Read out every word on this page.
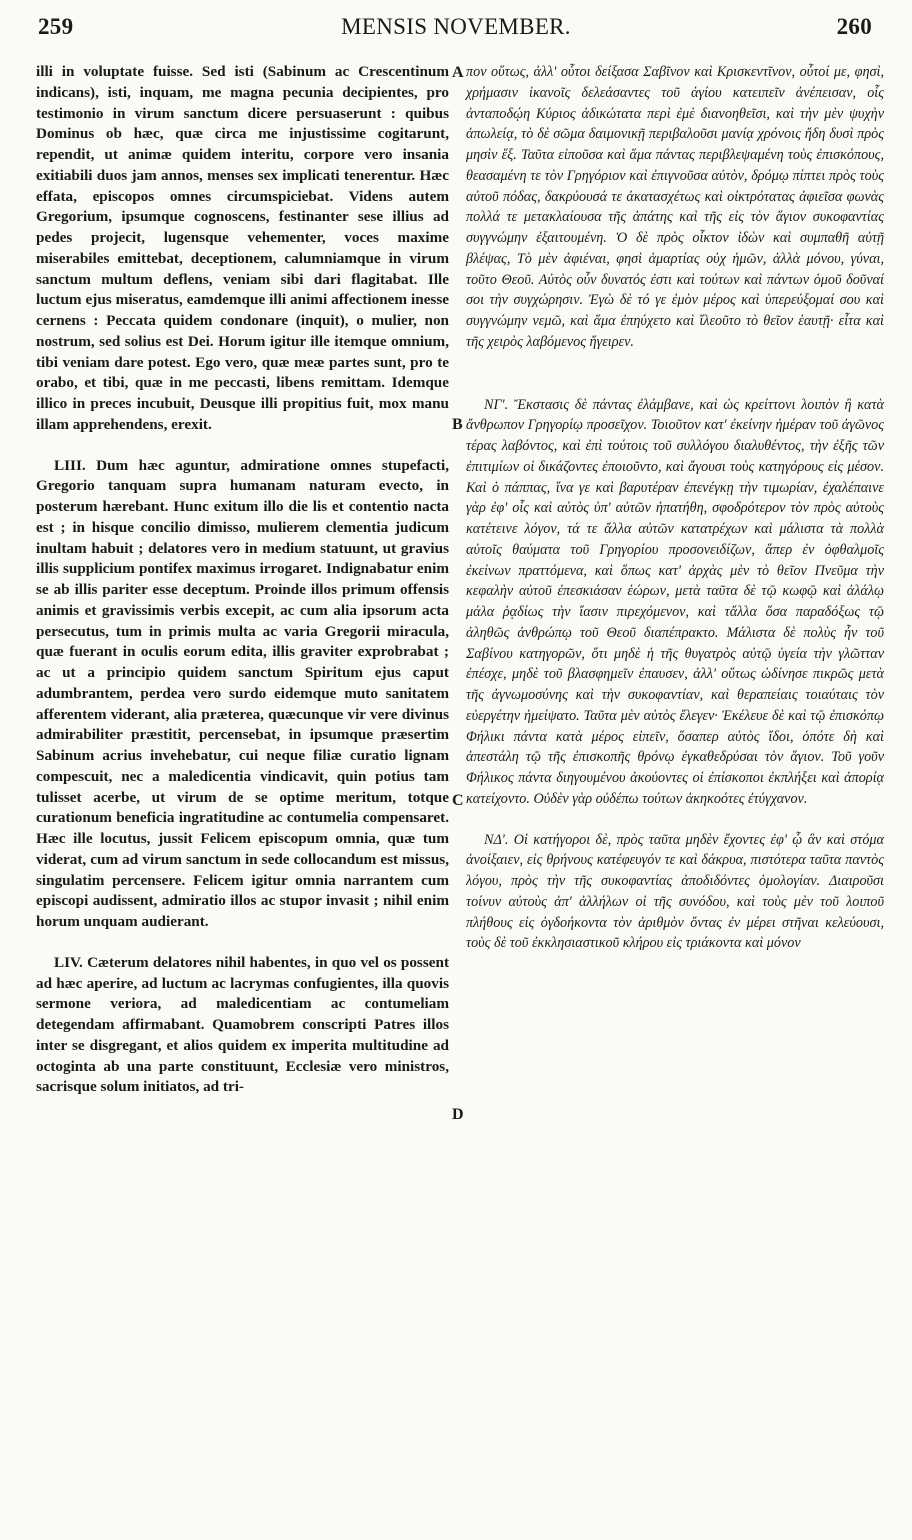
259	MENSIS NOVEMBER.	260

illi in voluptate fuisse. Sed isti (Sabinum ac Crescentinum indicans), isti, inquam, me magna pecunia decipientes, pro testimonio in virum sanctum dicere persuaserunt : quibus Dominus ob hæc, quæ circa me injustissime cogitarunt, rependit, ut animæ quidem interitu, corpore vero insania exitiabili duos jam annos, menses sex implicati tenerentur. Hæc effata, episcopos omnes circumspiciebat. Videns autem Gregorium, ipsumque cognoscens, festinanter sese illius ad pedes projecit, lugensque vehementer, voces maxime miserabiles emittebat, deceptionem, calumniamque in virum sanctum multum deflens, veniam sibi dari flagitabat. Ille luctum ejus miseratus, eamdemque illi animi affectionem inesse cernens : Peccata quidem condonare (inquit), o mulier, non nostrum, sed solius est Dei. Horum igitur ille itemque omnium, tibi veniam dare potest. Ego vero, quæ meæ partes sunt, pro te orabo, et tibi, quæ in me peccasti, libens remittam. Idemque illico in preces incubuit, Deusque illi propitius fuit, mox manu illam apprehendens, erexit.

LIII. Dum hæc aguntur, admiratione omnes stupefacti, Gregorio tanquam supra humanam naturam evecto, in posterum hærebant. Hunc exitum illo die lis et contentio nacta est ; in hisque concilio dimisso, mulierem clementia judicum inultam habuit ; delatores vero in medium statuunt, ut gravius illis supplicium pontifex maximus irrogaret. Indignabatur enim se ab illis pariter esse deceptum. Proinde illos primum offensis animis et gravissimis verbis excepit, ac cum alia ipsorum acta persecutus, tum in primis multa ac varia Gregorii miracula, quæ fuerant in oculis eorum edita, illis graviter exprobrabat ; ac ut a principio quidem sanctum Spiritum ejus caput adumbrantem, perdea vero surdo eidemque muto sanitatem afferentem viderant, alia præterea, quæcunque vir vere divinus admirabiliter præstitit, percensebat, in ipsumque præsertim Sabinum acrius invehebatur, cui neque filiæ curatio lignam compescuit, nec a maledicentia vindicavit, quin potius tam tulisset acerbe, ut virum de se optime meritum, totque curationum beneficia ingratitudine ac contumelia compensaret. Hæc ille locutus, jussit Felicem episcopum omnia, quæ tum viderat, cum ad virum sanctum in sede collocandum est missus, singulatim percensere. Felicem igitur omnia narrantem cum episcopi audissent, admiratio illos ac stupor invasit ; nihil enim horum unquam audierant.

LIV. Cæterum delatores nihil habentes, in quo vel os possent ad hæc aperire, ad luctum ac lacrymas confugientes, illa quovis sermone veriora, ad maledicentiam ac contumeliam detegendam affirmabant. Quamobrem conscripti Patres illos inter se disgregant, et alios quidem ex imperita multitudine ad octoginta ab una parte constituunt, Ecclesiæ vero ministros, sacrisque solum initiatos, ad tri-

A
B
C
D

πον οὕτως, ἀλλ' οὗτοι δείξασα Σαβῖνον καὶ Κρισκεντῖνον, οὗτοί με, φησὶ, χρήμασιν ἱκανοῖς δελεάσαντες τοῦ ἁγίου κατειπεῖν ἀνέπεισαν, οἷς ἀνταποδῴη Κύριος ἀδικώτατα περὶ ἐμὲ διανοηθεῖσι, καὶ τὴν μὲν ψυχὴν ἀπωλείᾳ, τὸ δὲ σῶμα δαιμονικῇ περιβαλοῦσι μανίᾳ χρόνοις ἤδη δυσὶ πρὸς μησὶν ἕξ. Ταῦτα εἰποῦσα καὶ ἅμα πάντας περιβλεψαμένη τοὺς ἐπισκόπους, θεασαμένη τε τὸν Γρηγόριον καὶ ἐπιγνοῦσα αὐτὸν, δρόμῳ πίπτει πρὸς τοὺς αὐτοῦ πόδας, δακρύουσά τε ἀκατασχέτως καὶ οἰκτρότατας ἀφιεῖσα φωνὰς πολλά τε μετακλαίουσα τῆς ἀπάτης καὶ τῆς εἰς τὸν ἅγιον συκοφαντίας συγγνώμην ἐξαιτουμένη. Ὁ δὲ πρὸς οἶκτον ἰδὼν καὶ συμπαθῆ αὐτῇ βλέψας, Τὸ μὲν ἀφιέναι, φησὶ ἁμαρτίας οὐχ ἡμῶν, ἀλλὰ μόνου, γύναι, τοῦτο Θεοῦ. Αὐτὸς οὖν δυνατός ἐστι καὶ τούτων καὶ πάντων ὁμοῦ δοῦναί σοι τὴν συγχώρησιν. Ἐγὼ δὲ τό γε ἐμὸν μέρος καὶ ὑπερεύξομαί σου καὶ συγγνώμην νεμῶ, καὶ ἅμα ἐπηύχετο καὶ ἵλεοῦτο τὸ θεῖον ἑαυτῇ· εἶτα καὶ τῆς χειρὸς λαβόμενος ἤγειρεν.

ΝΓ'. Ἔκστασις δὲ πάντας ἐλάμβανε, καὶ ὡς κρείττονι λοιπὸν ἢ κατὰ ἄνθρωπον Γρηγορίῳ προσεῖχον. Τοιοῦτον κατ' ἐκείνην ἡμέραν τοῦ ἀγῶνος τέρας λαβόντος, καὶ ἐπὶ τούτοις τοῦ συλλόγου διαλυθέντος, τὴν ἐξῆς τῶν ἐπιτιμίων οἱ δικάζοντες ἐποιοῦντο, καὶ ἄγουσι τοὺς κατηγόρους εἰς μέσον. Καὶ ὁ πάππας, ἵνα γε καὶ βαρυτέραν ἐπενέγκῃ τὴν τιμωρίαν, ἐχαλέπαινε γὰρ ἐφ' οἷς καὶ αὐτὸς ὑπ' αὐτῶν ἠπατήθη, σφοδρότερον τὸν πρὸς αὐτοὺς κατέτεινε λόγον, τά τε ἄλλα αὐτῶν κατατρέχων καὶ μάλιστα τὰ πολλὰ αὐτοῖς θαύματα τοῦ Γρηγορίου προσονειδίζων, ἅπερ ἐν ὀφθαλμοῖς ἐκείνων πραττόμενα, καὶ ὅπως κατ' ἀρχὰς μὲν τὸ θεῖον Πνεῦμα τὴν κεφαλὴν αὐτοῦ ἐπεσκιάσαν ἑώρων, μετὰ ταῦτα δὲ τῷ κωφῷ καὶ ἀλάλῳ μάλα ῥᾳδίως τὴν ἴασιν πιρεχόμενον, καὶ τἄλλα ὅσα παραδόξως τῷ ἀληθῶς ἀνθρώπῳ τοῦ Θεοῦ διαπέπρακτο. Μάλιστα δὲ πολὺς ἦν τοῦ Σαβίνου κατηγορῶν, ὅτι μηδὲ ἡ τῆς θυγατρὸς αὐτῷ ὑγεία τὴν γλῶτταν ἐπέσχε, μηδὲ τοῦ βλασφημεῖν ἐπαυσεν, ἀλλ' οὕτως ὠδίνησε πικρῶς μετὰ τῆς ἀγνωμοσύνης καὶ τὴν συκοφαντίαν, καὶ θεραπείαις τοιαύταις τὸν εὐεργέτην ἠμείψατο. Ταῦτα μὲν αὐτὸς ἔλεγεν· Ἐκέλευε δὲ καὶ τῷ ἐπισκόπῳ Φήλικι πάντα κατὰ μέρος εἰπεῖν, ὅσαπερ αὐτὸς ἴδοι, ὁπότε δὴ καὶ ἀπεστάλη τῷ τῆς ἐπισκοπῆς θρόνῳ ἐγκαθεδρύσαι τὸν ἅγιον. Τοῦ γοῦν Φήλικος πάντα διηγουμένου ἀκούοντες οἱ ἐπίσκοποι ἐκπλήξει καὶ ἀπορίᾳ κατείχοντο. Οὐδὲν γὰρ οὐδέπω τούτων ἀκηκοότες ἐτύγχανον.

ΝΔ'. Οἱ κατήγοροι δὲ, πρὸς ταῦτα μηδὲν ἔχοντες ἐφ' ᾧ ἂν καὶ στόμα ἀνοίξαιεν, εἰς θρήνους κατέφευγόν τε καὶ δάκρυα, πιστότερα ταῦτα παντὸς λόγου, πρὸς τὴν τῆς συκοφαντίας ἀποδιδόντες ὁμολογίαν. Διαιροῦσι τοίνυν αὐτοὺς ἀπ' ἀλλήλων οἱ τῆς συνόδου, καὶ τοὺς μὲν τοῦ λοιποῦ πλήθους εἰς ὀγδοήκοντα τὸν ἀριθμὸν ὄντας ἐν μέρει στῆναι κελεύουσι, τοὺς δὲ τοῦ ἐκκλησιαστικοῦ κλήρου εἰς τριάκοντα καὶ μόνον
